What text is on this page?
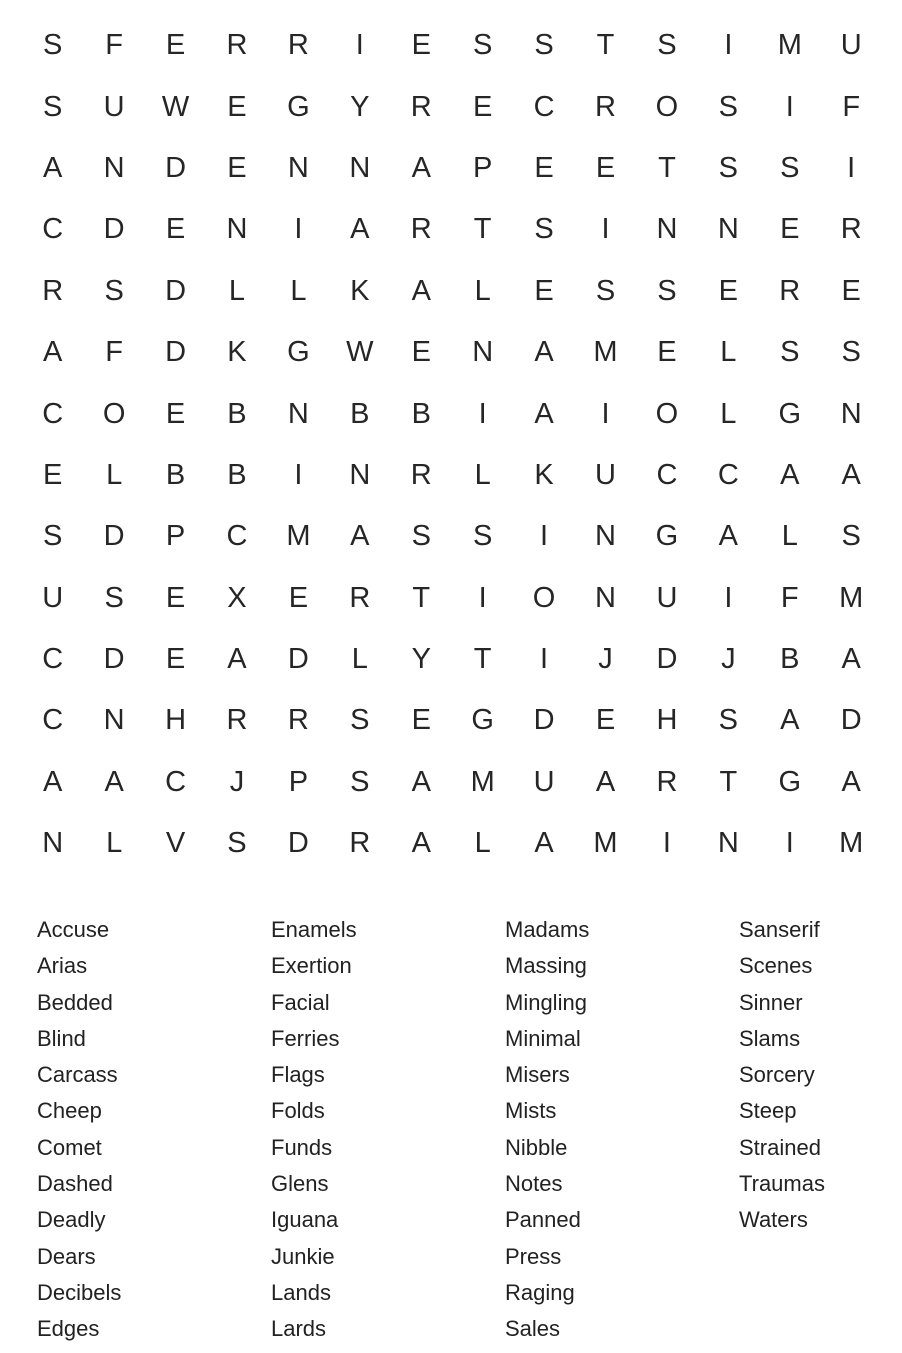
S	F	E	R	R	I	E	S	S	T	S	I	M	U
S	U	W	E	G	Y	R	E	C	R	O	S	I	F
A	N	D	E	N	N	A	P	E	E	T	S	S	I
C	D	E	N	I	A	R	T	S	I	N	N	E	R
R	S	D	L	L	K	A	L	E	S	S	E	R	E
A	F	D	K	G	W	E	N	A	M	E	L	S	S
C	O	E	B	N	B	B	I	A	I	O	L	G	N
E	L	B	B	I	N	R	L	K	U	C	C	A	A
S	D	P	C	M	A	S	S	I	N	G	A	L	S
U	S	E	X	E	R	T	I	O	N	U	I	F	M
C	D	E	A	D	L	Y	T	I	J	D	J	B	A
C	N	H	R	R	S	E	G	D	E	H	S	A	D
A	A	C	J	P	S	A	M	U	A	R	T	G	A
N	L	V	S	D	R	A	L	A	M	I	N	I	M
Accuse
Arias
Bedded
Blind
Carcass
Cheep
Comet
Dashed
Deadly
Dears
Decibels
Edges
Enamels
Exertion
Facial
Ferries
Flags
Folds
Funds
Glens
Iguana
Junkie
Lands
Lards
Madams
Massing
Mingling
Minimal
Misers
Mists
Nibble
Notes
Panned
Press
Raging
Sales
Sanserif
Scenes
Sinner
Slams
Sorcery
Steep
Strained
Traumas
Waters
